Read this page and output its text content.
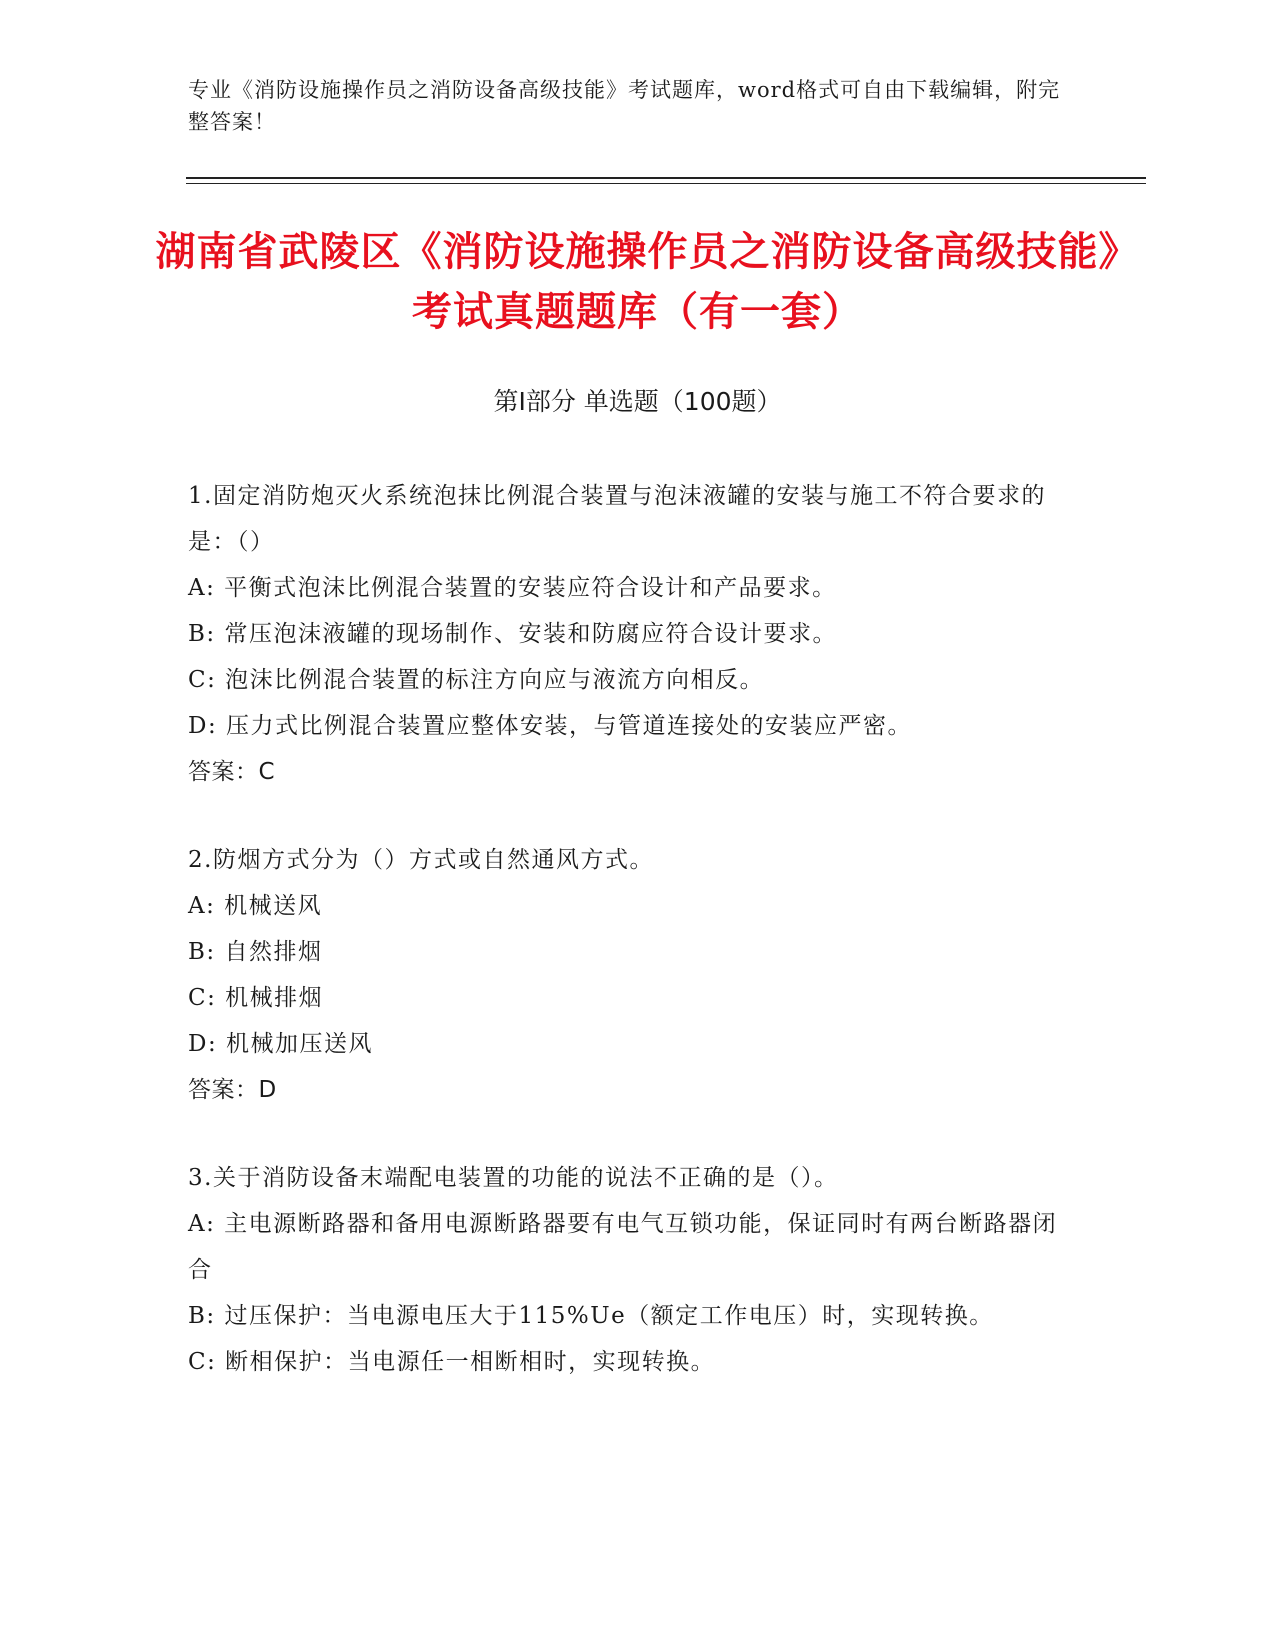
专业《消防设施操作员之消防设备高级技能》考试题库，word格式可自由下载编辑，附完整答案！
湖南省武陵区《消防设施操作员之消防设备高级技能》考试真题题库（有一套）
第I部分 单选题（100题）
1.固定消防炮灭火系统泡抹比例混合装置与泡沫液罐的安装与施工不符合要求的是：（）
A: 平衡式泡沫比例混合装置的安装应符合设计和产品要求。
B: 常压泡沫液罐的现场制作、安装和防腐应符合设计要求。
C: 泡沫比例混合装置的标注方向应与液流方向相反。
D: 压力式比例混合装置应整体安装，与管道连接处的安装应严密。
答案：C
2.防烟方式分为（）方式或自然通风方式。
A: 机械送风
B: 自然排烟
C: 机械排烟
D: 机械加压送风
答案：D
3.关于消防设备末端配电装置的功能的说法不正确的是（）。
A: 主电源断路器和备用电源断路器要有电气互锁功能，保证同时有两台断路器闭合
B: 过压保护：当电源电压大于115%Ue（额定工作电压）时，实现转换。
C: 断相保护：当电源任一相断相时，实现转换。
